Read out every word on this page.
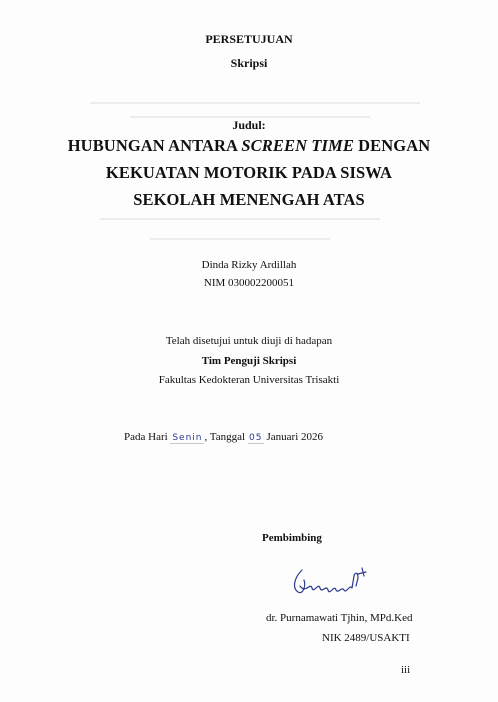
PERSETUJUAN
Skripsi
Judul:
HUBUNGAN ANTARA SCREEN TIME DENGAN
KEKUATAN MOTORIK PADA SISWA
SEKOLAH MENENGAH ATAS
Dinda Rizky Ardillah
NIM 030002200051
Telah disetujui untuk diuji di hadapan
Tim Penguji Skripsi
Fakultas Kedokteran Universitas Trisakti
Pada Hari Senin , Tanggal 05 Januari 2026
Pembimbing
dr. Purnamawati Tjhin, MPd.Ked
NIK 2489/USAKTI
iii
